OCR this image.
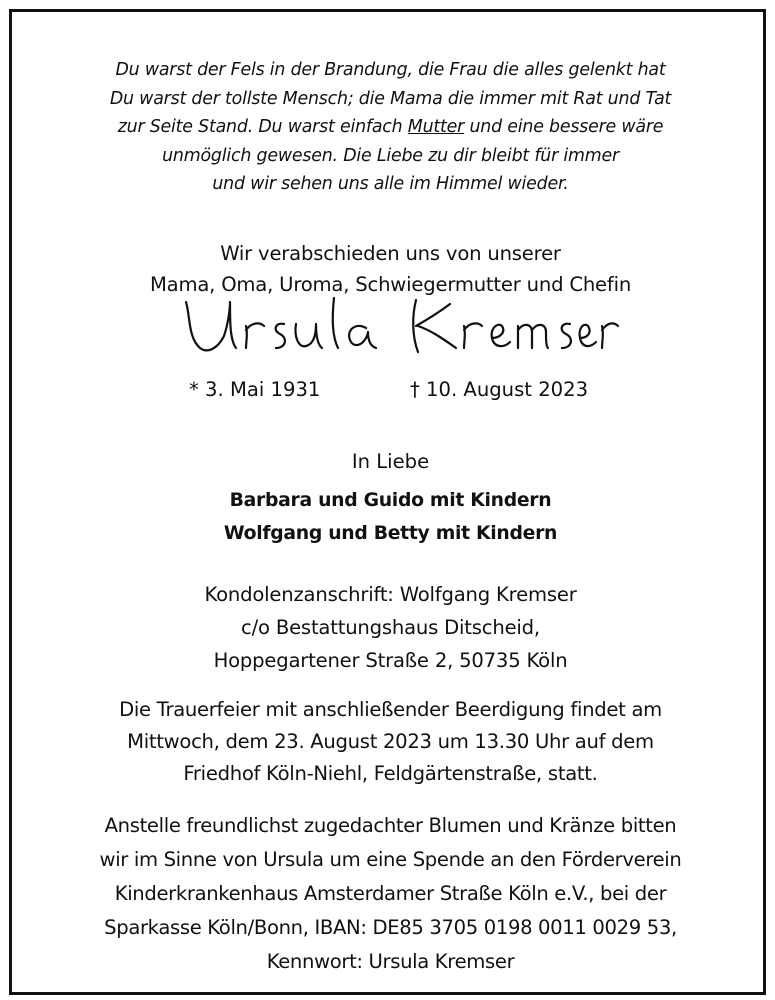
Du warst der Fels in der Brandung, die Frau die alles gelenkt hat
Du warst der tollste Mensch; die Mama die immer mit Rat und Tat
zur Seite Stand. Du warst einfach Mutter und eine bessere wäre
unmöglich gewesen. Die Liebe zu dir bleibt für immer
und wir sehen uns alle im Himmel wieder.
Wir verabschieden uns von unserer
Mama, Oma, Uroma, Schwiegermutter und Chefin
* 3. Mai 1931	† 10. August 2023
In Liebe
Barbara und Guido mit Kindern
Wolfgang und Betty mit Kindern
Kondolenzanschrift: Wolfgang Kremser
c/o Bestattungshaus Ditscheid,
Hoppegartener Straße 2, 50735 Köln
Die Trauerfeier mit anschließender Beerdigung findet am
Mittwoch, dem 23. August 2023 um 13.30 Uhr auf dem
Friedhof Köln-Niehl, Feldgärtenstraße, statt.
Anstelle freundlichst zugedachter Blumen und Kränze bitten
wir im Sinne von Ursula um eine Spende an den Förderverein
Kinderkrankenhaus Amsterdamer Straße Köln e.V., bei der
Sparkasse Köln/Bonn, IBAN: DE85 3705 0198 0011 0029 53,
Kennwort: Ursula Kremser
